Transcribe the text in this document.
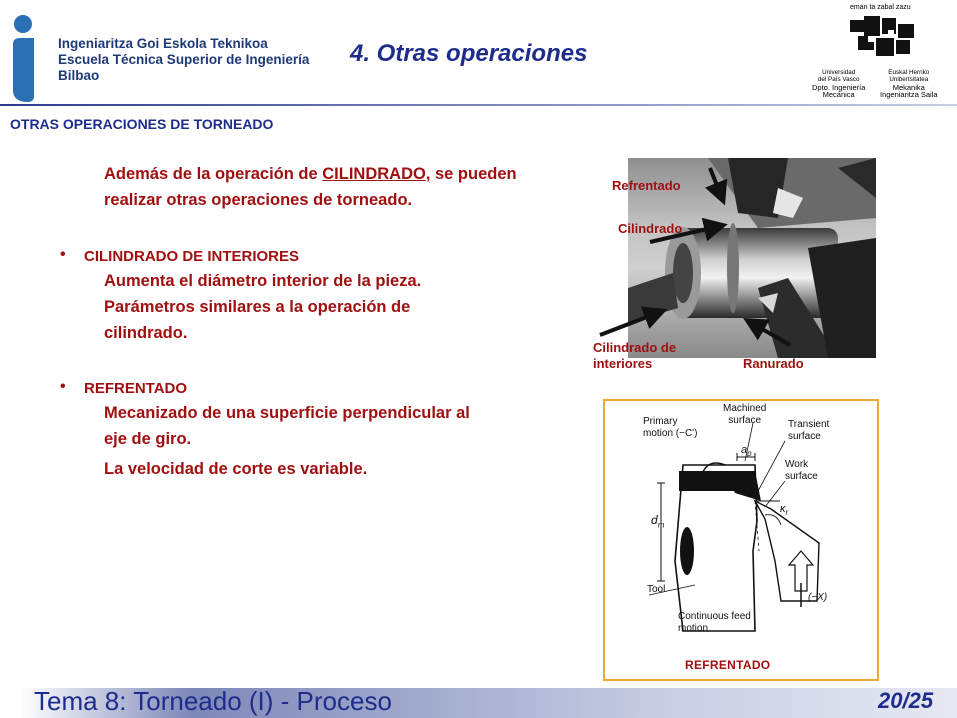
Ingeniaritza Goi Eskola Teknikoa
Escuela Técnica Superior de Ingeniería
Bilbao
4. Otras operaciones
eman ta zabal zazu
Universidad
del País Vasco
Dpto. Ingeniería
Mecánica
Euskal Herriko
Unibertsitatea
Mekanika
Ingeniaritza Saila
OTRAS OPERACIONES DE TORNEADO
Además de la operación de CILINDRADO, se pueden realizar otras operaciones de torneado.
• CILINDRADO DE INTERIORES
Aumenta el diámetro interior de la pieza.
Parámetros similares a la operación de
cilindrado.
• REFRENTADO
Mecanizado de una superficie perpendicular al
eje de giro.
La velocidad de corte es variable.
Refrentado
Cilindrado
Cilindrado de
interiores	Ranurado
Primary
motion (−C')
Machined
surface	Transient
surface
Work
surface
$a_p$
$d_m$
$\kappa_r$
Tool
(−X)
Continuous feed
motion
REFRENTADO
Tema 8: Torneado (I) - Proceso	20/25
